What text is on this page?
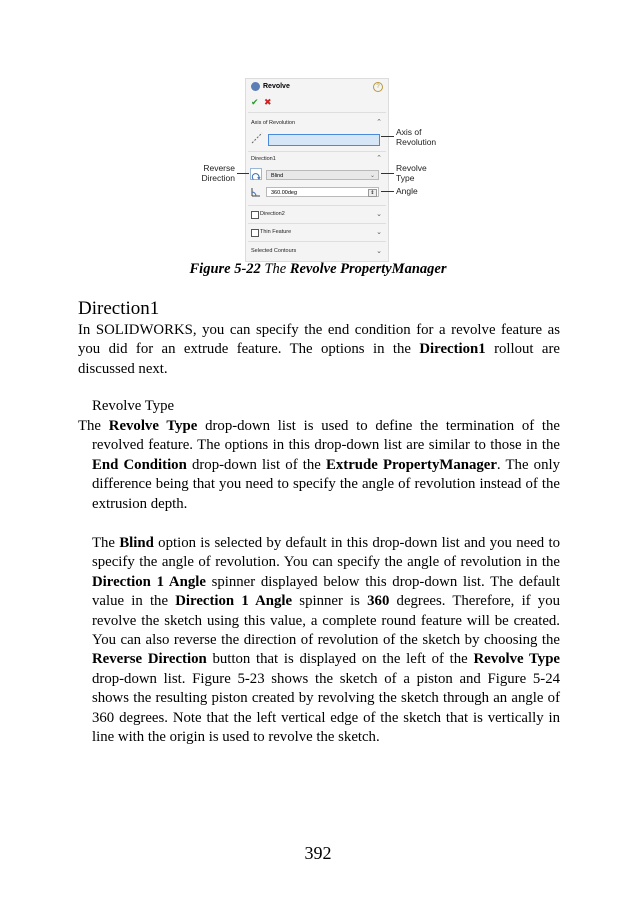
Revolve	?
✔ ✖
Axis of Revolution	⌃
Direction1	⌃
Blind	⌄
360.00deg	⇕
Direction2	⌄
Thin Feature	⌄
Selected Contours	⌄
Axis of
Revolution
Revolve
Type
Angle
Reverse
Direction
Figure 5-22 The Revolve PropertyManager
Direction1
In SOLIDWORKS, you can specify the end condition for a revolve feature as you did for an extrude feature. The options in the Direction1 rollout are discussed next.
Revolve Type
The Revolve Type drop-down list is used to define the termination of the revolved feature. The options in this drop-down list are similar to those in the End Condition drop-down list of the Extrude PropertyManager. The only difference being that you need to specify the angle of revolution instead of the extrusion depth.
The Blind option is selected by default in this drop-down list and you need to specify the angle of revolution. You can specify the angle of revolution in the Direction 1 Angle spinner displayed below this drop-down list. The default value in the Direction 1 Angle spinner is 360 degrees. Therefore, if you revolve the sketch using this value, a complete round feature will be created. You can also reverse the direction of revolution of the sketch by choosing the Reverse Direction button that is displayed on the left of the Revolve Type drop-down list. Figure 5-23 shows the sketch of a piston and Figure 5-24 shows the resulting piston created by revolving the sketch through an angle of 360 degrees. Note that the left vertical edge of the sketch that is vertically in line with the origin is used to revolve the sketch.
392
